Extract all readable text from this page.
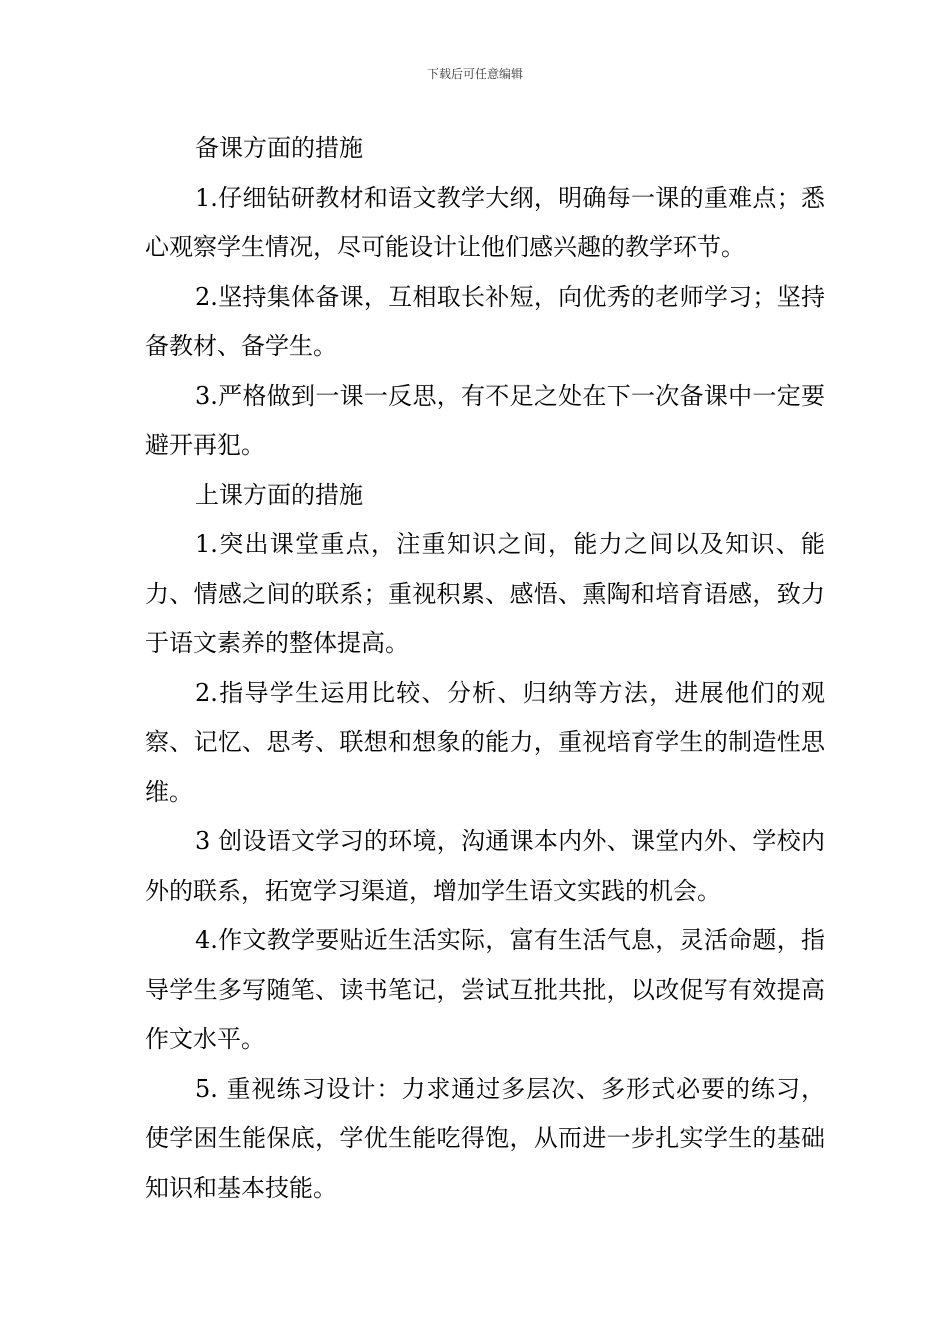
下载后可任意编辑

备课方面的措施

1.仔细钻研教材和语文教学大纲，明确每一课的重难点；悉心观察学生情况，尽可能设计让他们感兴趣的教学环节。

2.坚持集体备课，互相取长补短，向优秀的老师学习；坚持备教材、备学生。

3.严格做到一课一反思，有不足之处在下一次备课中一定要避开再犯。

上课方面的措施

1.突出课堂重点，注重知识之间，能力之间以及知识、能力、情感之间的联系；重视积累、感悟、熏陶和培育语感，致力于语文素养的整体提高。

2.指导学生运用比较、分析、归纳等方法，进展他们的观察、记忆、思考、联想和想象的能力，重视培育学生的制造性思维。

3 创设语文学习的环境，沟通课本内外、课堂内外、学校内外的联系，拓宽学习渠道，增加学生语文实践的机会。

4.作文教学要贴近生活实际，富有生活气息，灵活命题，指导学生多写随笔、读书笔记，尝试互批共批，以改促写有效提高作文水平。

5. 重视练习设计：力求通过多层次、多形式必要的练习，使学困生能保底，学优生能吃得饱，从而进一步扎实学生的基础知识和基本技能。
